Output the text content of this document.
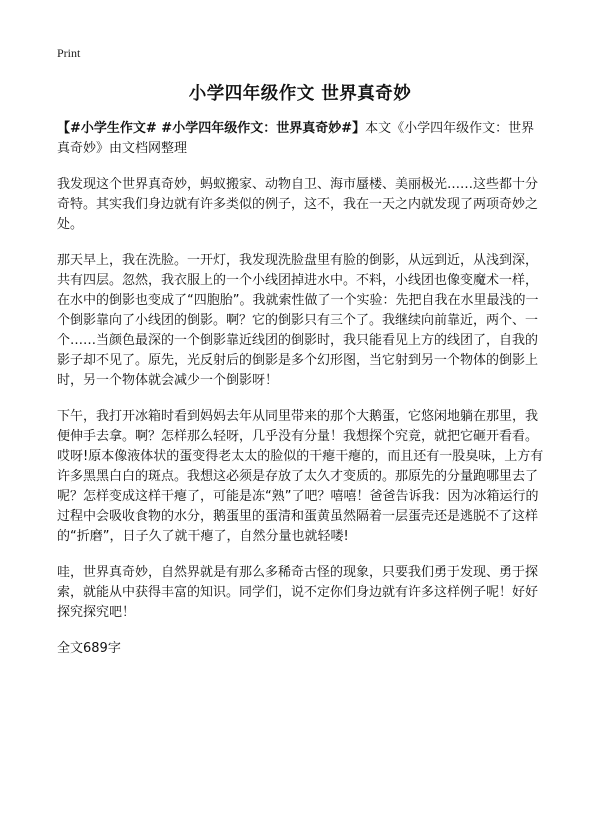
Print
小学四年级作文 世界真奇妙

【#小学生作文# #小学四年级作文：世界真奇妙#】本文《小学四年级作文：世界真奇妙》由文档网整理

我发现这个世界真奇妙，蚂蚁搬家、动物自卫、海市蜃楼、美丽极光……这些都十分奇特。其实我们身边就有许多类似的例子，这不，我在一天之内就发现了两项奇妙之处。

那天早上，我在洗脸。一开灯，我发现洗脸盘里有脸的倒影，从远到近，从浅到深，共有四层。忽然，我衣服上的一个小线团掉进水中。不料，小线团也像变魔术一样，在水中的倒影也变成了“四胞胎”。我就索性做了一个实验：先把自我在水里最浅的一个倒影靠向了小线团的倒影。啊？它的倒影只有三个了。我继续向前靠近，两个、一个……当颜色最深的一个倒影靠近线团的倒影时，我只能看见上方的线团了，自我的影子却不见了。原先，光反射后的倒影是多个幻形图，当它射到另一个物体的倒影上时，另一个物体就会减少一个倒影呀！

下午，我打开冰箱时看到妈妈去年从同里带来的那个大鹅蛋，它悠闲地躺在那里，我便伸手去拿。啊？怎样那么轻呀，几乎没有分量！我想探个究竟，就把它砸开看看。哎呀!原本像液体状的蛋变得老太太的脸似的干瘪干瘪的，而且还有一股臭味，上方有许多黑黑白白的斑点。我想这必须是存放了太久才变质的。那原先的分量跑哪里去了呢？怎样变成这样干瘪了，可能是冻“熟”了吧？嘻嘻！爸爸告诉我：因为冰箱运行的过程中会吸收食物的水分，鹅蛋里的蛋清和蛋黄虽然隔着一层蛋壳还是逃脱不了这样的“折磨”，日子久了就干瘪了，自然分量也就轻喽!

哇，世界真奇妙，自然界就是有那么多稀奇古怪的现象，只要我们勇于发现、勇于探索，就能从中获得丰富的知识。同学们，说不定你们身边就有许多这样例子呢！好好探究探究吧！

全文689字
